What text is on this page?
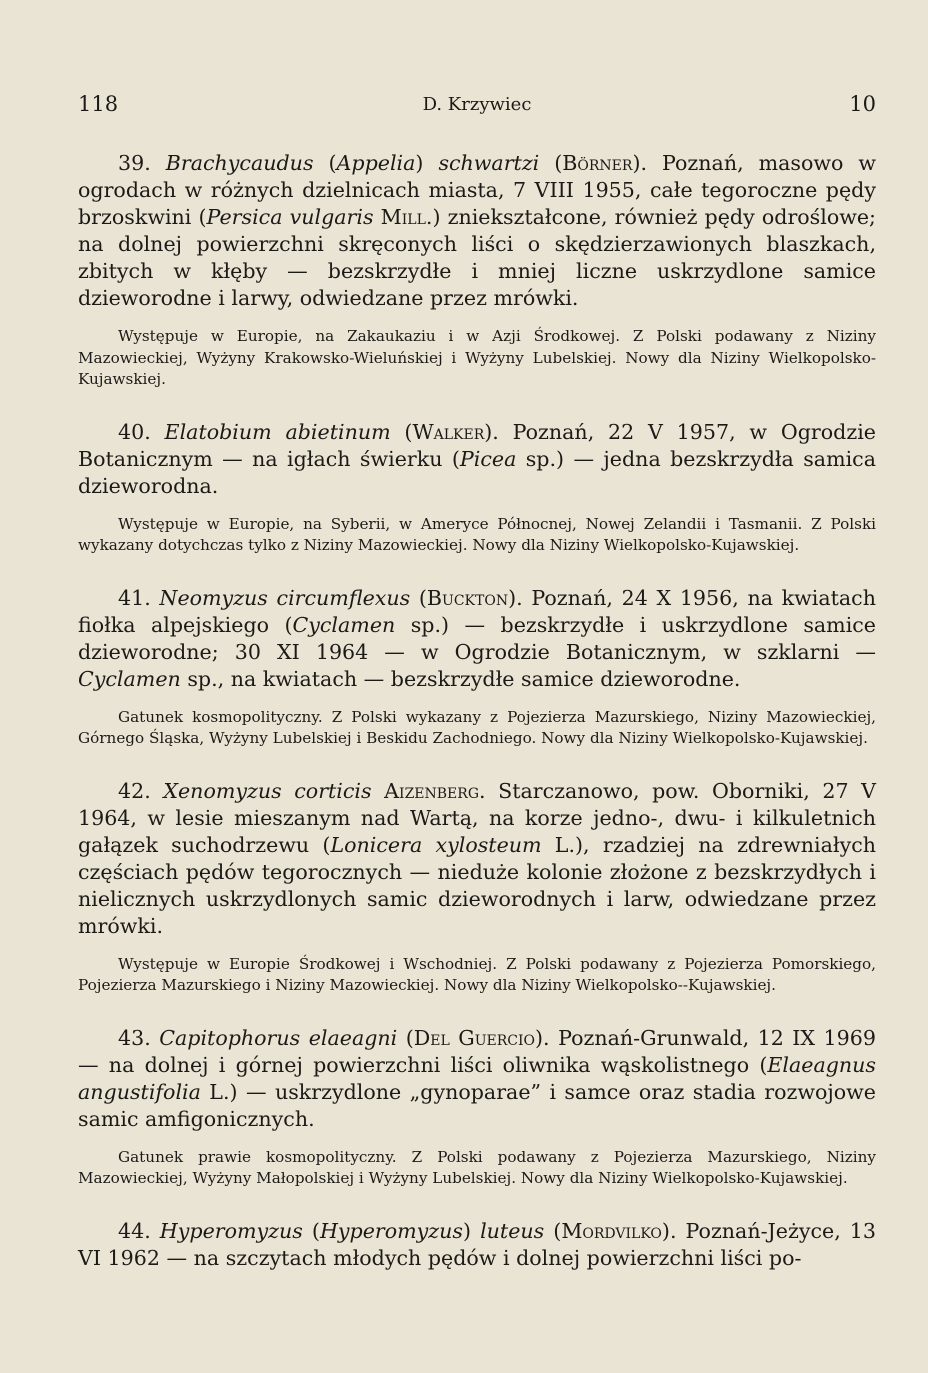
118	D. Krzywiec	10

39. Brachycaudus (Appelia) schwartzi (Börner). Poznań, masowo w ogrodach w różnych dzielnicach miasta, 7 VIII 1955, całe tegoroczne pędy brzoskwini (Persica vulgaris Mill.) zniekształcone, również pędy odroślowe; na dolnej powierzchni skręconych liści o skędzierzawionych blaszkach, zbitych w kłęby — bezskrzydłe i mniej liczne uskrzydlone samice dzieworodne i larwy, odwiedzane przez mrówki.

Występuje w Europie, na Zakaukaziu i w Azji Środkowej. Z Polski podawany z Niziny Mazowieckiej, Wyżyny Krakowsko-Wieluńskiej i Wyżyny Lubelskiej. Nowy dla Niziny Wielkopolsko-Kujawskiej.

40. Elatobium abietinum (Walker). Poznań, 22 V 1957, w Ogrodzie Botanicznym — na igłach świerku (Picea sp.) — jedna bezskrzydła samica dzieworodna.

Występuje w Europie, na Syberii, w Ameryce Północnej, Nowej Zelandii i Tasmanii. Z Polski wykazany dotychczas tylko z Niziny Mazowieckiej. Nowy dla Niziny Wielkopolsko-Kujawskiej.

41. Neomyzus circumflexus (Buckton). Poznań, 24 X 1956, na kwiatach fiołka alpejskiego (Cyclamen sp.) — bezskrzydłe i uskrzydlone samice dzieworodne; 30 XI 1964 — w Ogrodzie Botanicznym, w szklarni — Cyclamen sp., na kwiatach — bezskrzydłe samice dzieworodne.

Gatunek kosmopolityczny. Z Polski wykazany z Pojezierza Mazurskiego, Niziny Mazowieckiej, Górnego Śląska, Wyżyny Lubelskiej i Beskidu Zachodniego. Nowy dla Niziny Wielkopolsko-Kujawskiej.

42. Xenomyzus corticis Aizenberg. Starczanowo, pow. Oborniki, 27 V 1964, w lesie mieszanym nad Wartą, na korze jedno-, dwu- i kilkuletnich gałązek suchodrzewu (Lonicera xylosteum L.), rzadziej na zdrewniałych częściach pędów tegorocznych — nieduże kolonie złożone z bezskrzydłych i nielicznych uskrzydlonych samic dzieworodnych i larw, odwiedzane przez mrówki.

Występuje w Europie Środkowej i Wschodniej. Z Polski podawany z Pojezierza Pomorskiego, Pojezierza Mazurskiego i Niziny Mazowieckiej. Nowy dla Niziny Wielkopolsko--Kujawskiej.

43. Capitophorus elaeagni (Del Guercio). Poznań-Grunwald, 12 IX 1969 — na dolnej i górnej powierzchni liści oliwnika wąskolistnego (Elaeagnus angustifolia L.) — uskrzydlone „gynoparae” i samce oraz stadia rozwojowe samic amfigonicznych.

Gatunek prawie kosmopolityczny. Z Polski podawany z Pojezierza Mazurskiego, Niziny Mazowieckiej, Wyżyny Małopolskiej i Wyżyny Lubelskiej. Nowy dla Niziny Wielkopolsko-Kujawskiej.

44. Hyperomyzus (Hyperomyzus) luteus (Mordvilko). Poznań-Jeżyce, 13 VI 1962 — na szczytach młodych pędów i dolnej powierzchni liści po-
